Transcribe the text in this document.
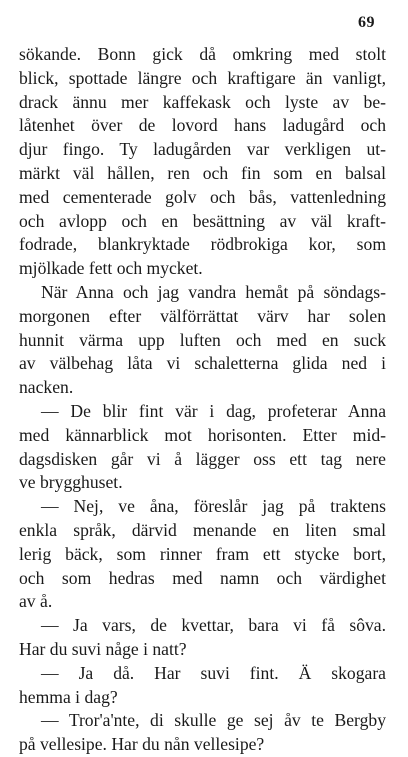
69
sökande. Bonn gick då omkring med stolt
blick, spottade längre och kraftigare än vanligt,
drack ännu mer kaffekask och lyste av be-
låtenhet över de lovord hans ladugård och
djur fingo. Ty ladugården var verkligen ut-
märkt väl hållen, ren och fin som en balsal
med cementerade golv och bås, vattenledning
och avlopp och en besättning av väl kraft-
fodrade, blankryktade rödbrokiga kor, som
mjölkade fett och mycket.
När Anna och jag vandra hemåt på söndags-
morgonen efter välförrättat värv har solen
hunnit värma upp luften och med en suck
av välbehag låta vi schaletterna glida ned i
nacken.
— De blir fint vär i dag, profeterar Anna
med kännarblick mot horisonten. Etter mid-
dagsdisken går vi å lägger oss ett tag nere
ve brygghuset.
— Nej, ve åna, föreslår jag på traktens
enkla språk, därvid menande en liten smal
lerig bäck, som rinner fram ett stycke bort,
och som hedras med namn och värdighet
av å.
— Ja vars, de kvettar, bara vi få sôva.
Har du suvi någe i natt?
— Ja då. Har suvi fint. Ä skogara
hemma i dag?
— Tror'a'nte, di skulle ge sej åv te Bergby
på vellesipe. Har du nån vellesipe?
